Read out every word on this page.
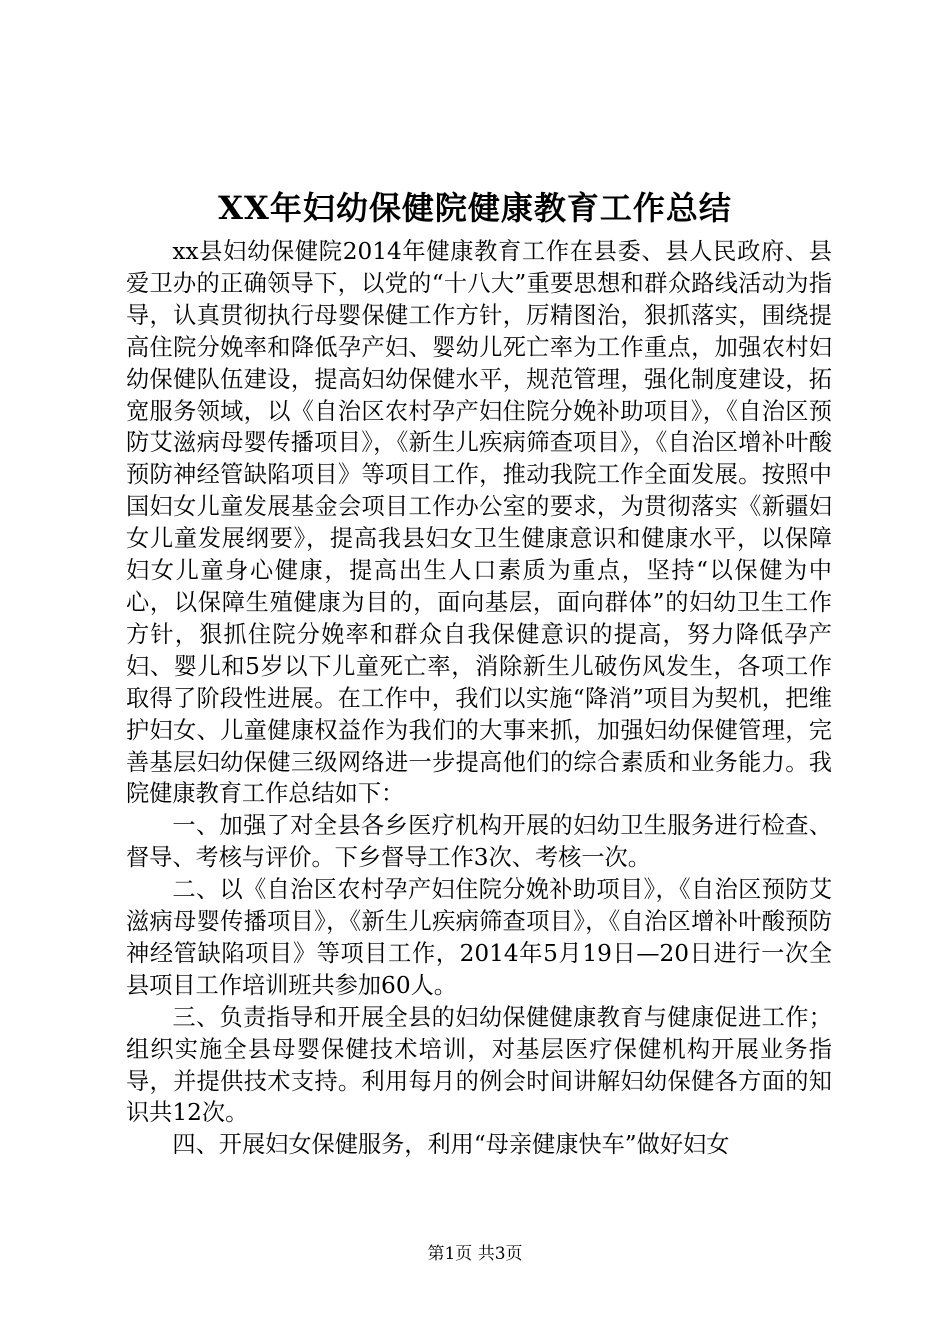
XX年妇幼保健院健康教育工作总结

xx县妇幼保健院2014年健康教育工作在县委、县人民政府、县爱卫办的正确领导下，以党的“十八大”重要思想和群众路线活动为指导，认真贯彻执行母婴保健工作方针，厉精图治，狠抓落实，围绕提高住院分娩率和降低孕产妇、婴幼儿死亡率为工作重点，加强农村妇幼保健队伍建设，提高妇幼保健水平，规范管理，强化制度建设，拓宽服务领域，以《自治区农村孕产妇住院分娩补助项目》，《自治区预防艾滋病母婴传播项目》，《新生儿疾病筛查项目》，《自治区增补叶酸预防神经管缺陷项目》等项目工作，推动我院工作全面发展。按照中国妇女儿童发展基金会项目工作办公室的要求，为贯彻落实《新疆妇女儿童发展纲要》，提高我县妇女卫生健康意识和健康水平，以保障妇女儿童身心健康，提高出生人口素质为重点，坚持“以保健为中心，以保障生殖健康为目的，面向基层，面向群体”的妇幼卫生工作方针，狠抓住院分娩率和群众自我保健意识的提高，努力降低孕产妇、婴儿和5岁以下儿童死亡率，消除新生儿破伤风发生，各项工作取得了阶段性进展。在工作中，我们以实施“降消”项目为契机，把维护妇女、儿童健康权益作为我们的大事来抓，加强妇幼保健管理，完善基层妇幼保健三级网络进一步提高他们的综合素质和业务能力。我院健康教育工作总结如下：

一、加强了对全县各乡医疗机构开展的妇幼卫生服务进行检查、督导、考核与评价。下乡督导工作3次、考核一次。

二、以《自治区农村孕产妇住院分娩补助项目》，《自治区预防艾滋病母婴传播项目》，《新生儿疾病筛查项目》，《自治区增补叶酸预防神经管缺陷项目》等项目工作，2014年5月19日—20日进行一次全县项目工作培训班共参加60人。

三、负责指导和开展全县的妇幼保健健康教育与健康促进工作；组织实施全县母婴保健技术培训，对基层医疗保健机构开展业务指导，并提供技术支持。利用每月的例会时间讲解妇幼保健各方面的知识共12次。

四、开展妇女保健服务，利用“母亲健康快车”做好妇女

第1页 共3页
